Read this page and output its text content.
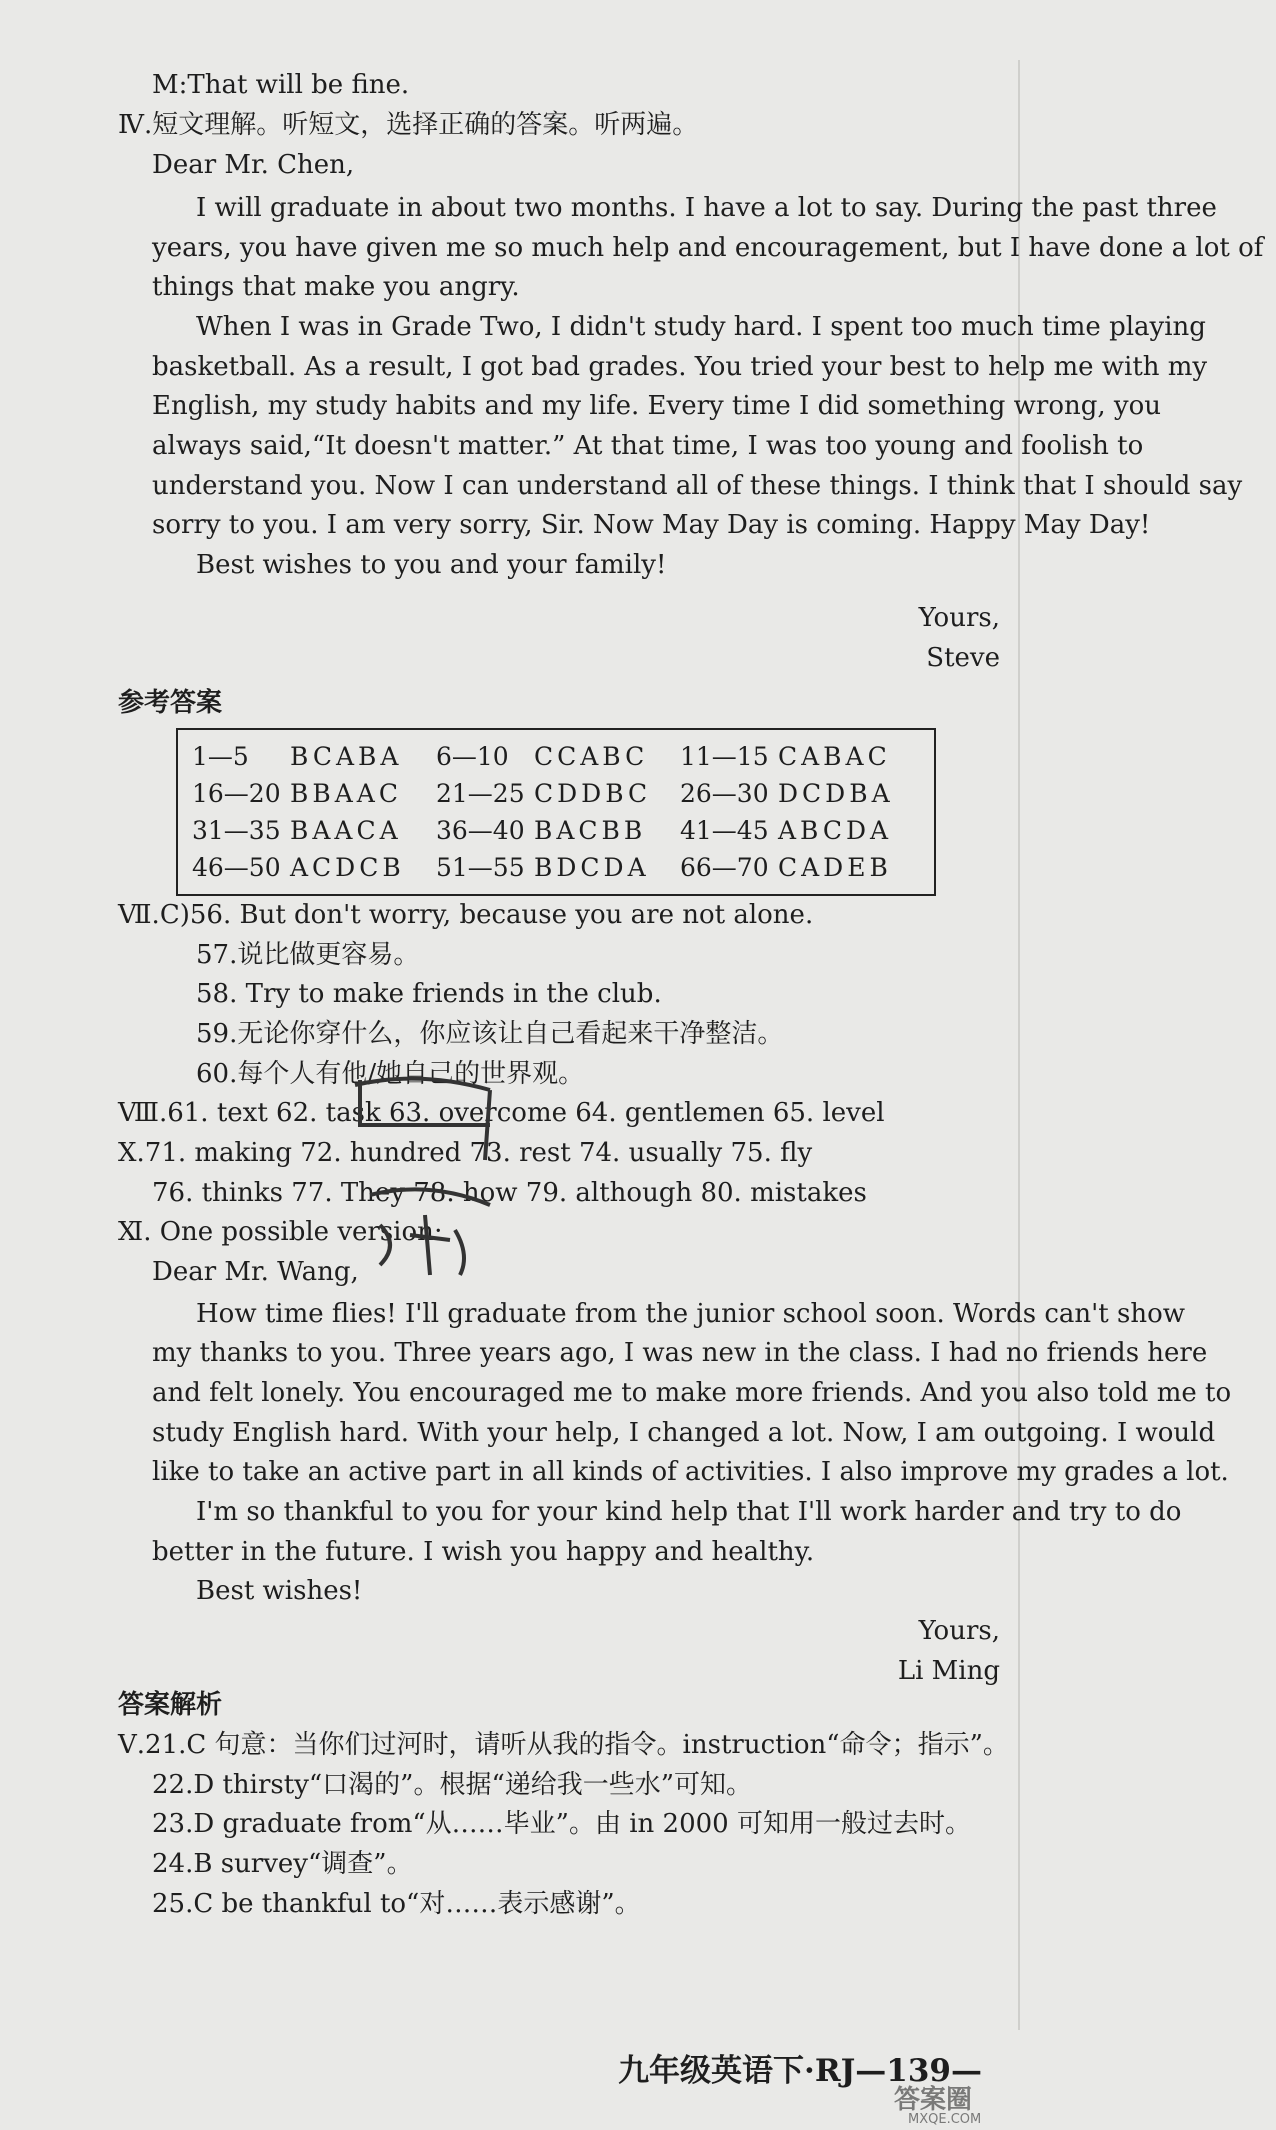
M:That will be fine.
Ⅳ.短文理解。听短文，选择正确的答案。听两遍。
Dear Mr. Chen,
I will graduate in about two months. I have a lot to say. During the past three
years, you have given me so much help and encouragement, but I have done a lot of
things that make you angry.
When I was in Grade Two, I didn't study hard. I spent too much time playing
basketball. As a result, I got bad grades. You tried your best to help me with my
English, my study habits and my life. Every time I did something wrong, you
always said,“It doesn't matter.” At that time, I was too young and foolish to
understand you. Now I can understand all of these things. I think that I should say
sorry to you. I am very sorry, Sir. Now May Day is coming. Happy May Day!
Best wishes to you and your family!
Ⅶ.C)56. But don't worry, because you are not alone.
57.说比做更容易。
58. Try to make friends in the club.
59.无论你穿什么，你应该让自己看起来干净整洁。
60.每个人有他/她自己的世界观。
Ⅷ.61. text 62. task 63. overcome 64. gentlemen 65. level
Ⅹ.71. making 72. hundred 73. rest 74. usually 75. fly
76. thinks 77. They 78. how 79. although 80. mistakes
Ⅺ. One possible version:
Dear Mr. Wang,
How time flies! I'll graduate from the junior school soon. Words can't show
my thanks to you. Three years ago, I was new in the class. I had no friends here
and felt lonely. You encouraged me to make more friends. And you also told me to
study English hard. With your help, I changed a lot. Now, I am outgoing. I would
like to take an active part in all kinds of activities. I also improve my grades a lot.
I'm so thankful to you for your kind help that I'll work harder and try to do
better in the future. I wish you happy and healthy.
Best wishes!
Ⅴ.21.C 句意：当你们过河时，请听从我的指令。instruction“命令；指示”。
22.D thirsty“口渴的”。根据“递给我一些水”可知。
23.D graduate from“从……毕业”。由 in 2000 可知用一般过去时。
24.B survey“调查”。
25.C be thankful to“对……表示感谢”。
参考答案
答案解析
Yours,
Steve
Yours,
Li Ming
1—5	BCABA 6—10	CCABC 11—15 CABAC
16—20 BBAAC 21—25 CDDBC 26—30 DCDBA
31—35 BAACA 36—40 BACBB 41—45 ABCDA
46—50 ACDCB 51—55 BDCDA 66—70 CADEB
九年级英语下·RJ—139—
答案圈
MXQE.COM
